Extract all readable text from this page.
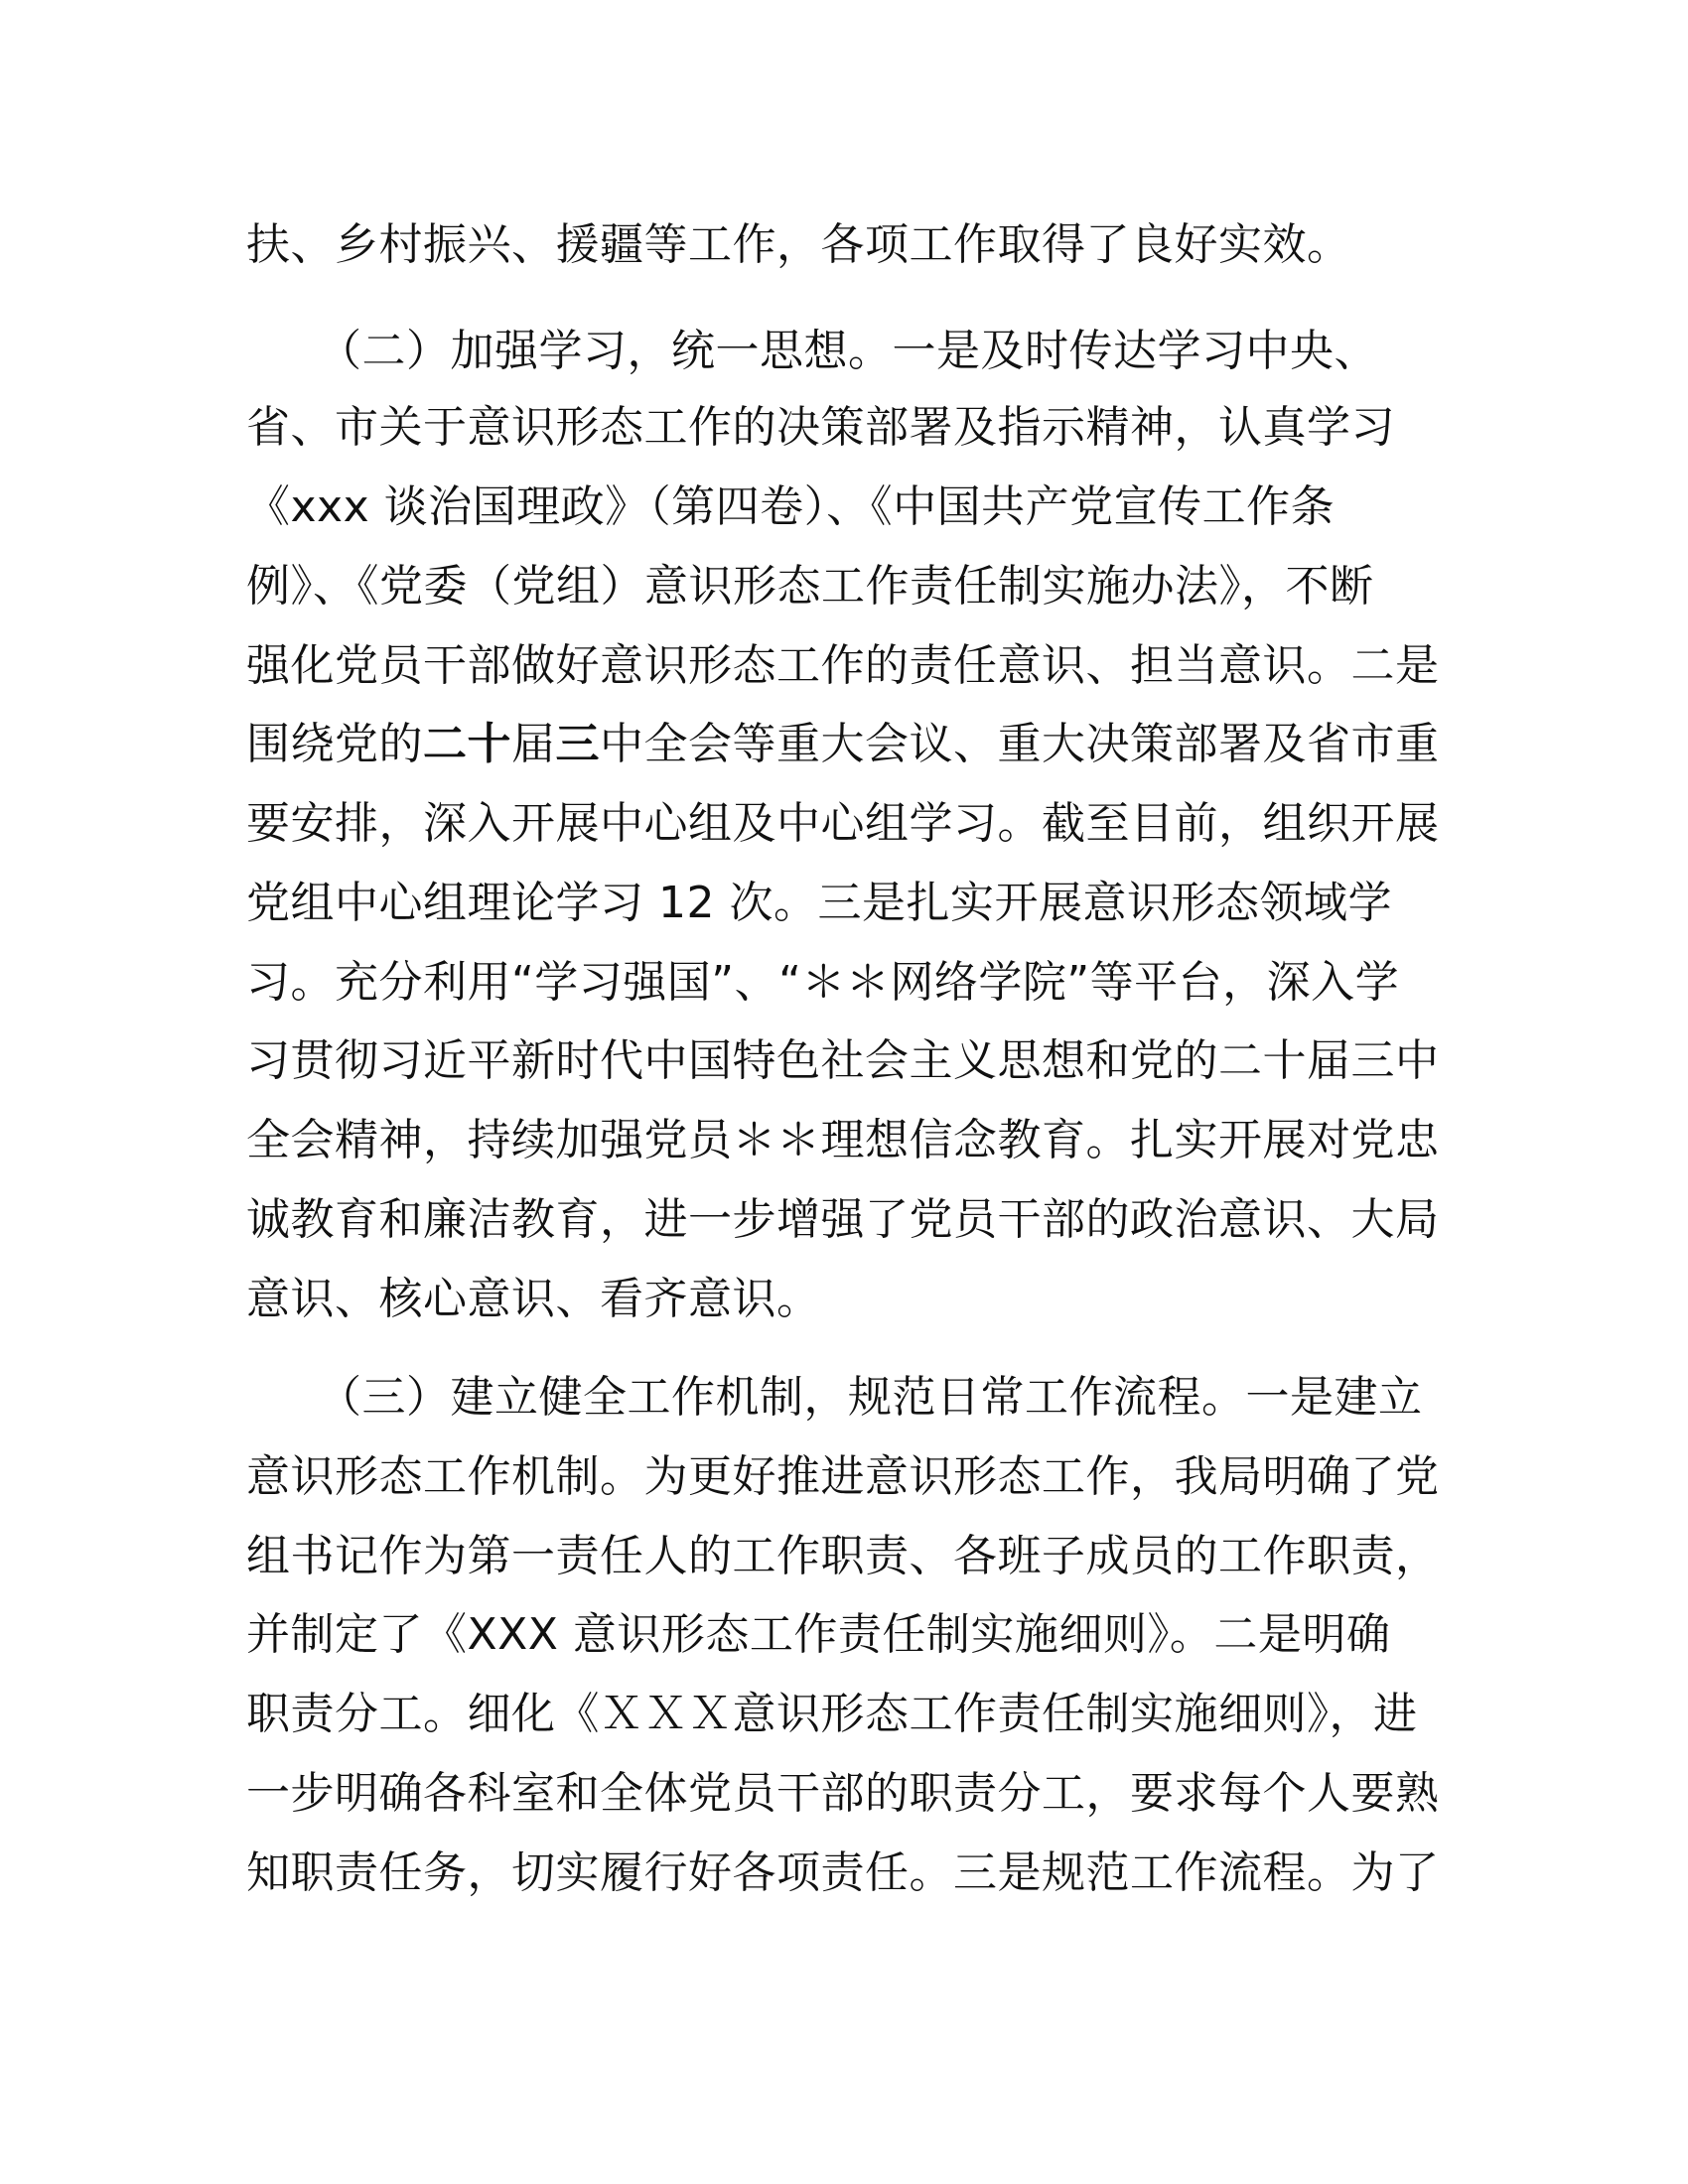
扶、乡村振兴、援疆等工作，各项工作取得了良好实效。
（二）加强学习，统一思想。一是及时传达学习中央、
省、市关于意识形态工作的决策部署及指示精神，认真学习
《xxx 谈治国理政》（第四卷）、《中国共产党宣传工作条
例》、《党委（党组）意识形态工作责任制实施办法》，不断
强化党员干部做好意识形态工作的责任意识、担当意识。二是
围绕党的二十届三中全会等重大会议、重大决策部署及省市重
要安排，深入开展中心组及中心组学习。截至目前，组织开展
党组中心组理论学习 12 次。三是扎实开展意识形态领域学
习。充分利用“学习强国”、“＊＊网络学院”等平台，深入学
习贯彻习近平新时代中国特色社会主义思想和党的二十届三中
全会精神，持续加强党员＊＊理想信念教育。扎实开展对党忠
诚教育和廉洁教育，进一步增强了党员干部的政治意识、大局
意识、核心意识、看齐意识。
（三）建立健全工作机制，规范日常工作流程。一是建立
意识形态工作机制。为更好推进意识形态工作，我局明确了党
组书记作为第一责任人的工作职责、各班子成员的工作职责，
并制定了《XXX 意识形态工作责任制实施细则》。二是明确
职责分工。细化《ＸＸＸ意识形态工作责任制实施细则》，进
一步明确各科室和全体党员干部的职责分工，要求每个人要熟
知职责任务，切实履行好各项责任。三是规范工作流程。为了
